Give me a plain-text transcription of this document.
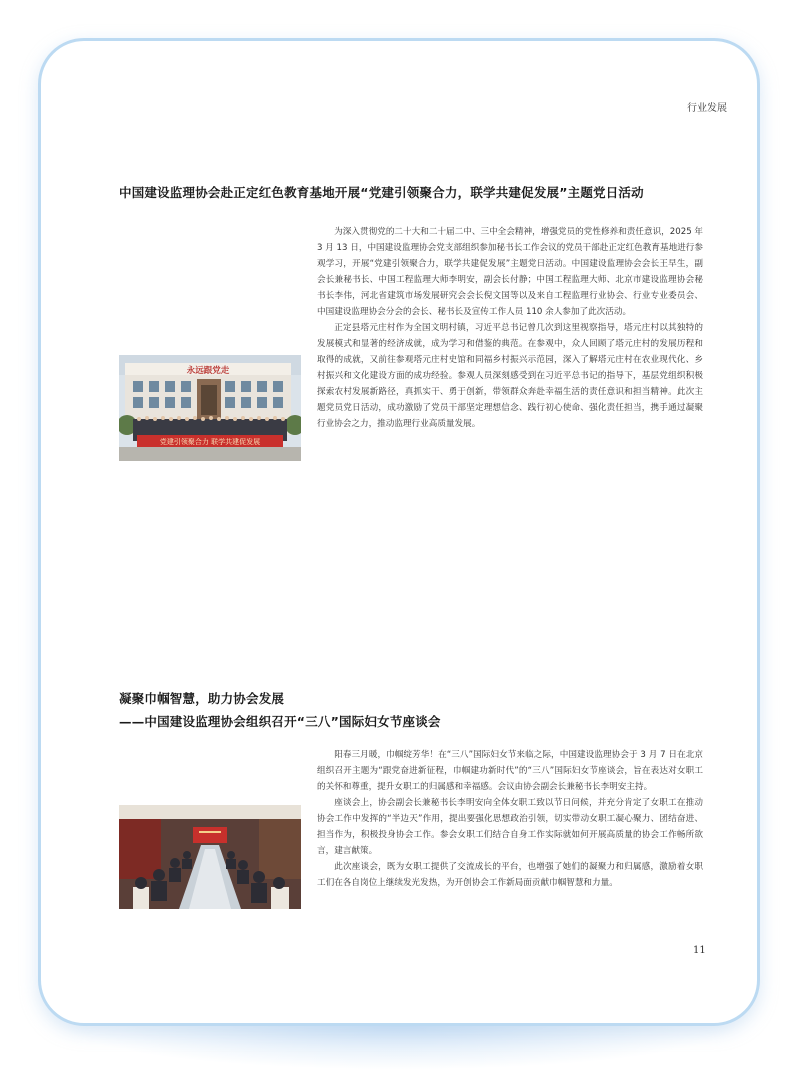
行业发展
中国建设监理协会赴正定红色教育基地开展“党建引领聚合力，联学共建促发展”主题党日活动
永远跟党走
党建引领聚合力 联学共建促发展

为深入贯彻党的二十大和二十届二中、三中全会精神，增强党员的党性修养和责任意识，2025 年 3 月 13 日，中国建设监理协会党支部组织参加秘书长工作会议的党员干部赴正定红色教育基地进行参观学习，开展“党建引领聚合力，联学共建促发展”主题党日活动。中国建设监理协会会长王早生，副会长兼秘书长、中国工程监理大师李明安，副会长付静；中国工程监理大师、北京市建设监理协会秘书长李伟，河北省建筑市场发展研究会会长倪文国等以及来自工程监理行业协会、行业专业委员会、中国建设监理协会分会的会长、秘书长及宣传工作人员 110 余人参加了此次活动。

正定县塔元庄村作为全国文明村镇，习近平总书记曾几次到这里视察指导，塔元庄村以其独特的发展模式和显著的经济成就，成为学习和借鉴的典范。在参观中，众人回顾了塔元庄村的发展历程和取得的成就，又前往参观塔元庄村史馆和同福乡村振兴示范园，深入了解塔元庄村在农业现代化、乡村振兴和文化建设方面的成功经验。参观人员深刻感受到在习近平总书记的指导下，基层党组织积极探索农村发展新路径，真抓实干、勇于创新，带领群众奔赴幸福生活的责任意识和担当精神。此次主题党员党日活动，成功激励了党员干部坚定理想信念、践行初心使命、强化责任担当，携手通过凝聚行业协会之力，推动监理行业高质量发展。

凝聚巾帼智慧，助力协会发展
——中国建设监理协会组织召开“三八”国际妇女节座谈会

阳春三月暖，巾帼绽芳华！在“三八”国际妇女节来临之际，中国建设监理协会于 3 月 7 日在北京组织召开主题为“跟党奋进新征程，巾帼建功新时代”的“三八”国际妇女节座谈会，旨在表达对女职工的关怀和尊重，提升女职工的归属感和幸福感。会议由协会副会长兼秘书长李明安主持。

座谈会上，协会副会长兼秘书长李明安向全体女职工致以节日问候，并充分肯定了女职工在推动协会工作中发挥的“半边天”作用，提出要强化思想政治引领，切实带动女职工凝心聚力、团结奋进、担当作为，积极投身协会工作。参会女职工们结合自身工作实际就如何开展高质量的协会工作畅所欲言，建言献策。

此次座谈会，既为女职工提供了交流成长的平台，也增强了她们的凝聚力和归属感，激励着女职工们在各自岗位上继续发光发热，为开创协会工作新局面贡献巾帼智慧和力量。

11
